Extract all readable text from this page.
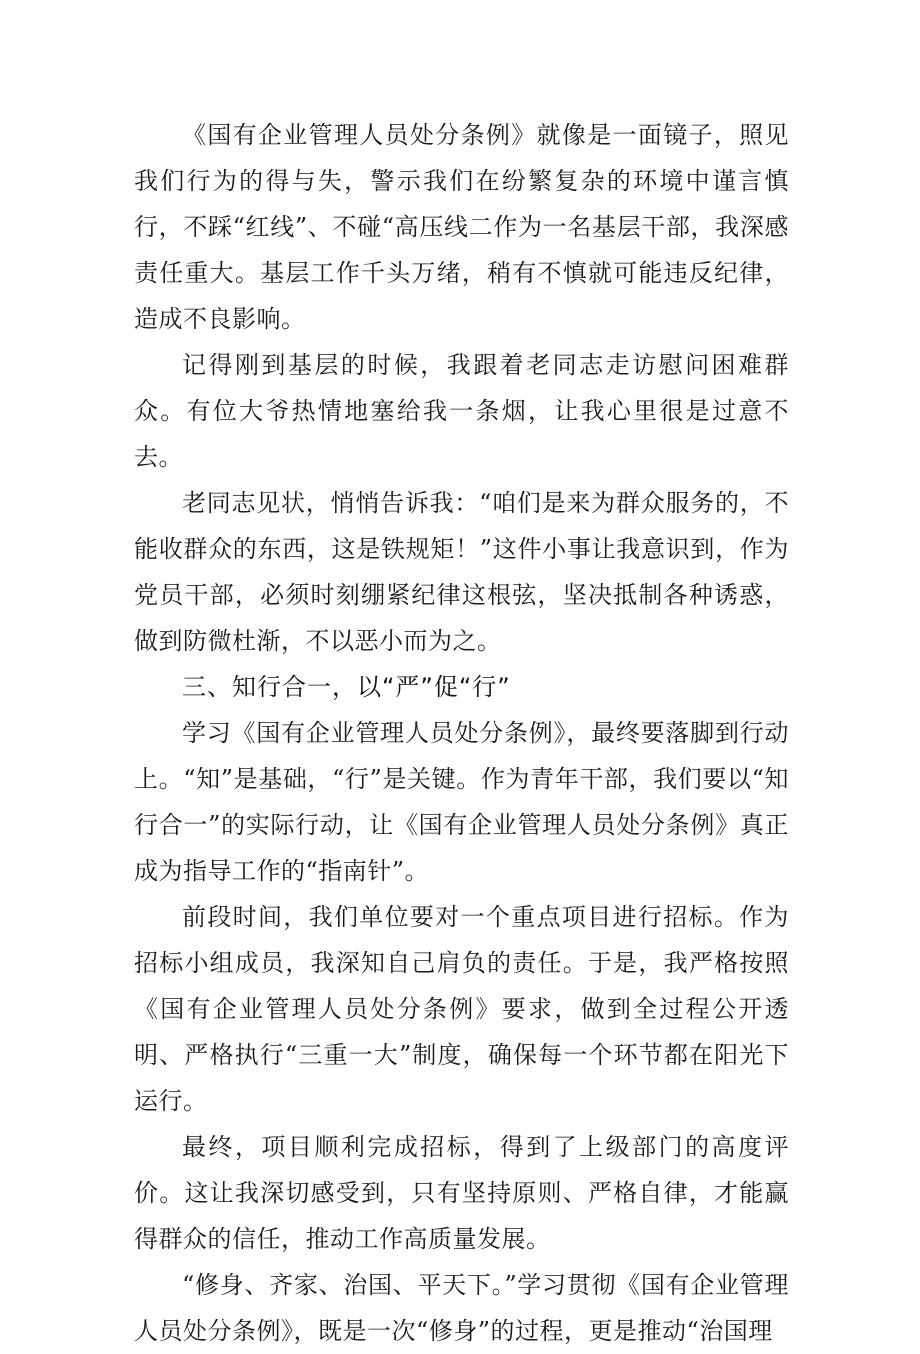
《国有企业管理人员处分条例》就像是一面镜子，照见我们行为的得与失，警示我们在纷繁复杂的环境中谨言慎行，不踩“红线”、不碰“高压线二作为一名基层干部，我深感责任重大。基层工作千头万绪，稍有不慎就可能违反纪律，造成不良影响。

记得刚到基层的时候，我跟着老同志走访慰问困难群众。有位大爷热情地塞给我一条烟，让我心里很是过意不去。

老同志见状，悄悄告诉我：“咱们是来为群众服务的，不能收群众的东西，这是铁规矩！”这件小事让我意识到，作为党员干部，必须时刻绷紧纪律这根弦，坚决抵制各种诱惑，做到防微杜渐，不以恶小而为之。

三、知行合一，以“严”促“行”

学习《国有企业管理人员处分条例》，最终要落脚到行动上。“知”是基础，“行”是关键。作为青年干部，我们要以“知行合一”的实际行动，让《国有企业管理人员处分条例》真正成为指导工作的“指南针”。

前段时间，我们单位要对一个重点项目进行招标。作为招标小组成员，我深知自己肩负的责任。于是，我严格按照《国有企业管理人员处分条例》要求，做到全过程公开透明、严格执行“三重一大”制度，确保每一个环节都在阳光下运行。

最终，项目顺利完成招标，得到了上级部门的高度评价。这让我深切感受到，只有坚持原则、严格自律，才能赢得群众的信任，推动工作高质量发展。

“修身、齐家、治国、平天下。”学习贯彻《国有企业管理人员处分条例》，既是一次“修身”的过程，更是推动“治国理
